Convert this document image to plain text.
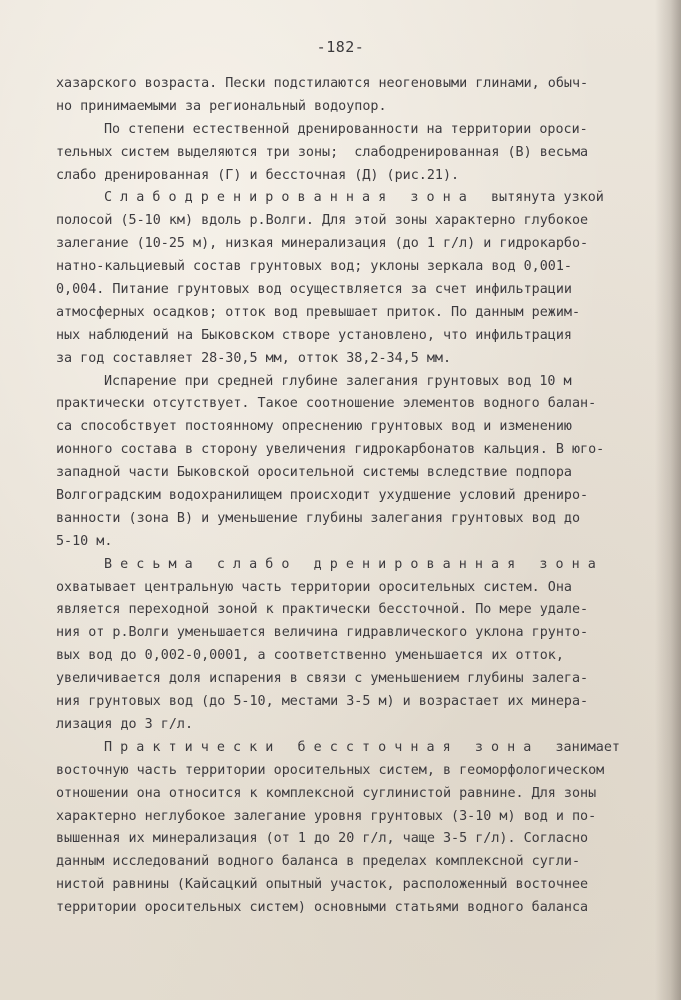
-182-
хазарского возраста. Пески подстилаются неогеновыми глинами, обыч-
но принимаемыми за региональный водоупор.
По степени естественной дренированности на территории ороси-
тельных систем выделяются три зоны;  слабодренированная (В) весьма
слабо дренированная (Г) и бессточная (Д) (рис.21).
С л а б о д р е н и р о в а н н а я   з о н а   вытянута узкой
полосой (5-10 км) вдоль р.Волги. Для этой зоны характерно глубокое
залегание (10-25 м), низкая минерализация (до 1 г/л) и гидрокарбо-
натно-кальциевый состав грунтовых вод; уклоны зеркала вод 0,001-
0,004. Питание грунтовых вод осуществляется за счет инфильтрации
атмосферных осадков; отток вод превышает приток. По данным режим-
ных наблюдений на Быковском створе установлено, что инфильтрация
за год составляет 28-30,5 мм, отток 38,2-34,5 мм.
Испарение при средней глубине залегания грунтовых вод 10 м
практически отсутствует. Такое соотношение элементов водного балан-
са способствует постоянному опреснению грунтовых вод и изменению
ионного состава в сторону увеличения гидрокарбонатов кальция. В юго-
западной части Быковской оросительной системы вследствие подпора
Волгоградским водохранилищем происходит ухудшение условий дрениро-
ванности (зона В) и уменьшение глубины залегания грунтовых вод до
5-10 м.
В е с ь м а   с л а б о   д р е н и р о в а н н а я   з о н а
охватывает центральную часть территории оросительных систем. Она
является переходной зоной к практически бессточной. По мере удале-
ния от р.Волги уменьшается величина гидравлического уклона грунто-
вых вод до 0,002-0,0001, а соответственно уменьшается их отток,
увеличивается доля испарения в связи с уменьшением глубины залега-
ния грунтовых вод (до 5-10, местами 3-5 м) и возрастает их минера-
лизация до 3 г/л.
П р а к т и ч е с к и   б е с с т о ч н а я   з о н а   занимает
восточную часть территории оросительных систем, в геоморфологическом
отношении она относится к комплексной суглинистой равнине. Для зоны
характерно неглубокое залегание уровня грунтовых (3-10 м) вод и по-
вышенная их минерализация (от 1 до 20 г/л, чаще 3-5 г/л). Согласно
данным исследований водного баланса в пределах комплексной сугли-
нистой равнины (Кайсацкий опытный участок, расположенный восточнее
территории оросительных систем) основными статьями водного баланса
